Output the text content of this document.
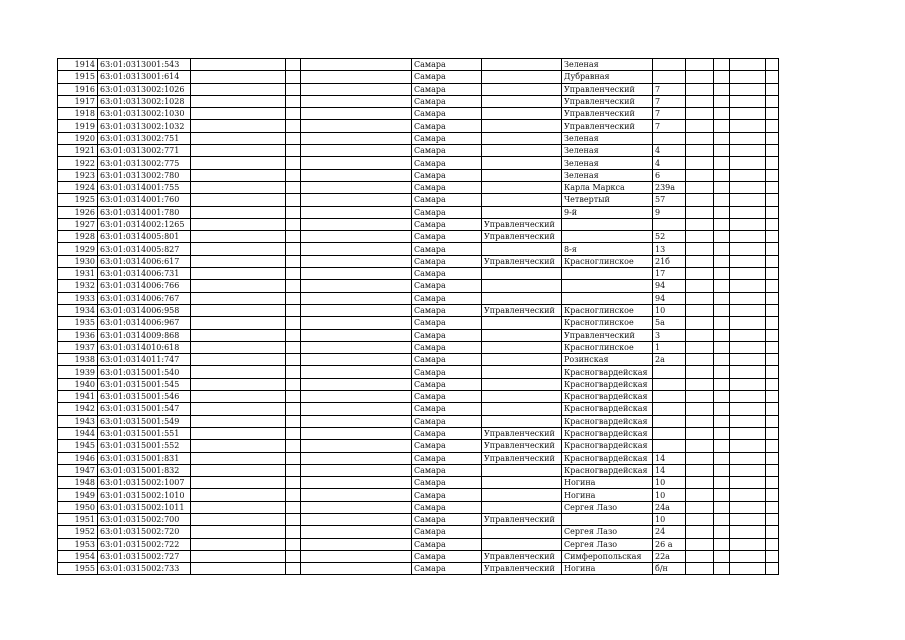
1914	63:01:0313001:543				Самара		Зеленая					
1915	63:01:0313001:614				Самара		Дубравная					
1916	63:01:0313002:1026				Самара		Управленческий	7				
1917	63:01:0313002:1028				Самара		Управленческий	7				
1918	63:01:0313002:1030				Самара		Управленческий	7				
1919	63:01:0313002:1032				Самара		Управленческий	7				
1920	63:01:0313002:751				Самара		Зеленая					
1921	63:01:0313002:771				Самара		Зеленая	4				
1922	63:01:0313002:775				Самара		Зеленая	4				
1923	63:01:0313002:780				Самара		Зеленая	6				
1924	63:01:0314001:755				Самара		Карла Маркса	239а				
1925	63:01:0314001:760				Самара		Четвертый	57				
1926	63:01:0314001:780				Самара		9-й	9				
1927	63:01:0314002:1265				Самара	Управленческий						
1928	63:01:0314005:801				Самара	Управленческий		52				
1929	63:01:0314005:827				Самара		8-я	13				
1930	63:01:0314006:617				Самара	Управленческий	Красноглинское	21б				
1931	63:01:0314006:731				Самара			17				
1932	63:01:0314006:766				Самара			94				
1933	63:01:0314006:767				Самара			94				
1934	63:01:0314006:958				Самара	Управленческий	Красноглинское	10				
1935	63:01:0314006:967				Самара		Красноглинское	5а				
1936	63:01:0314009:868				Самара		Управленческий	3				
1937	63:01:0314010:618				Самара		Красноглинское	1				
1938	63:01:0314011:747				Самара		Розинская	2а				
1939	63:01:0315001:540				Самара		Красногвардейская					
1940	63:01:0315001:545				Самара		Красногвардейская					
1941	63:01:0315001:546				Самара		Красногвардейская					
1942	63:01:0315001:547				Самара		Красногвардейская					
1943	63:01:0315001:549				Самара		Красногвардейская					
1944	63:01:0315001:551				Самара	Управленческий	Красногвардейская					
1945	63:01:0315001:552				Самара	Управленческий	Красногвардейская					
1946	63:01:0315001:831				Самара	Управленческий	Красногвардейская	14				
1947	63:01:0315001:832				Самара		Красногвардейская	14				
1948	63:01:0315002:1007				Самара		Ногина	10				
1949	63:01:0315002:1010				Самара		Ногина	10				
1950	63:01:0315002:1011				Самара		Сергея Лазо	24а				
1951	63:01:0315002:700				Самара	Управленческий		10				
1952	63:01:0315002:720				Самара		Сергея Лазо	24				
1953	63:01:0315002:722				Самара		Сергея Лазо	26 а				
1954	63:01:0315002:727				Самара	Управленческий	Симферопольская	22а				
1955	63:01:0315002:733				Самара	Управленческий	Ногина	б/н				
